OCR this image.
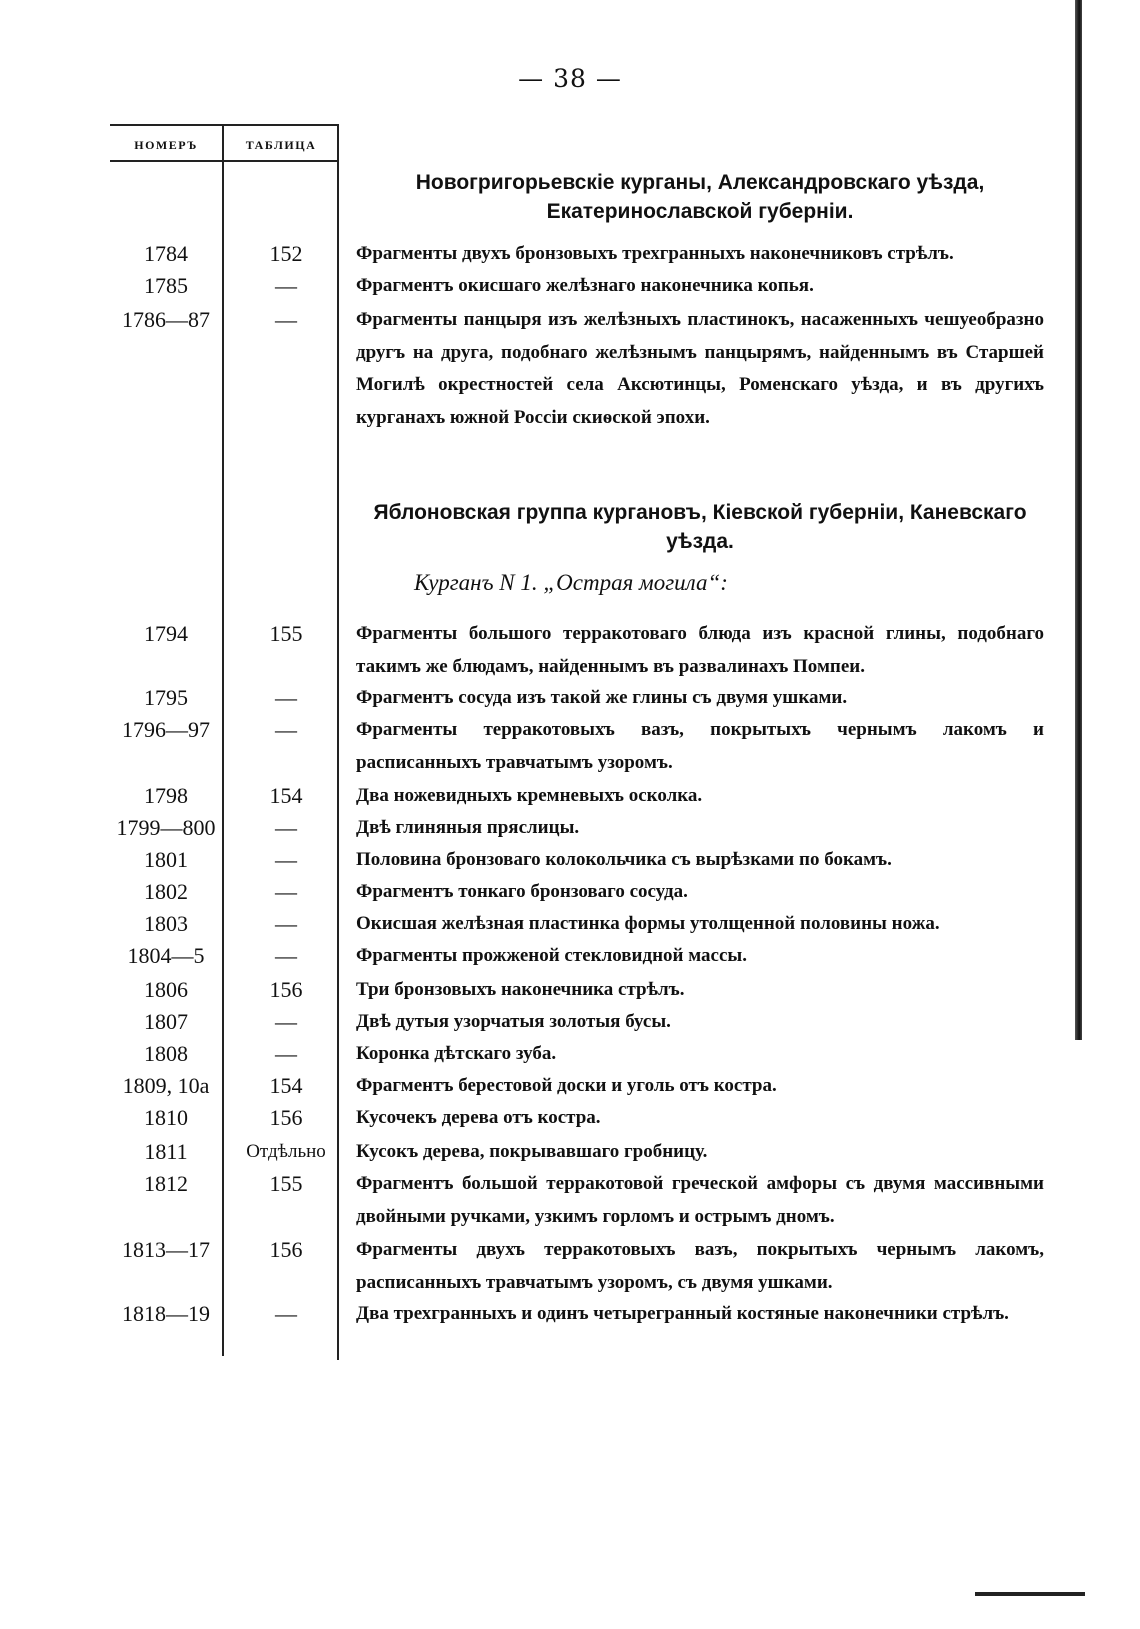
— 38 —
НОМЕРЪ	ТАБЛИЦА
Новогригорьевскіе курганы, Александровскаго уѣзда, Екатеринославской губерніи.
1784	152	Фрагменты двухъ бронзовыхъ трехгранныхъ наконечниковъ стрѣлъ.
1785	—	Фрагментъ окисшаго желѣзнаго наконечника копья.
1786—87	—	Фрагменты панцыря изъ желѣзныхъ пластинокъ, насаженныхъ чешуеобразно другъ на друга, подобнаго желѣзнымъ панцырямъ, найденнымъ въ Старшей Могилѣ окрестностей села Аксютинцы, Роменскаго уѣзда, и въ другихъ курганахъ южной Россіи скиѳской эпохи.
Яблоновская группа кургановъ, Кіевской губерніи, Каневскаго уѣзда.
Курганъ N 1. „Острая могила“:
1794	155	Фрагменты большого терракотоваго блюда изъ красной глины, подобнаго такимъ же блюдамъ, найденнымъ въ развалинахъ Помпеи.
1795	—	Фрагментъ сосуда изъ такой же глины съ двумя ушками.
1796—97	—	Фрагменты терракотовыхъ вазъ, покрытыхъ чернымъ лакомъ и расписанныхъ травчатымъ узоромъ.
1798	154	Два ножевидныхъ кремневыхъ осколка.
1799—800	—	Двѣ глиняныя пряслицы.
1801	—	Половина бронзоваго колокольчика съ вырѣзками по бокамъ.
1802	—	Фрагментъ тонкаго бронзоваго сосуда.
1803	—	Окисшая желѣзная пластинка формы утолщенной половины ножа.
1804—5	—	Фрагменты прожженой стекловидной массы.
1806	156	Три бронзовыхъ наконечника стрѣлъ.
1807	—	Двѣ дутыя узорчатыя золотыя бусы.
1808	—	Коронка дѣтскаго зуба.
1809, 10а	154	Фрагментъ берестовой доски и уголь отъ костра.
1810	156	Кусочекъ дерева отъ костра.
1811	Отдѣльно	Кусокъ дерева, покрывавшаго гробницу.
1812	155	Фрагментъ большой терракотовой греческой амфоры съ двумя массивными двойными ручками, узкимъ горломъ и острымъ дномъ.
1813—17	156	Фрагменты двухъ терракотовыхъ вазъ, покрытыхъ чернымъ лакомъ, расписанныхъ травчатымъ узоромъ, съ двумя ушками.
1818—19	—	Два трехгранныхъ и одинъ четырегранный костяные наконечники стрѣлъ.
